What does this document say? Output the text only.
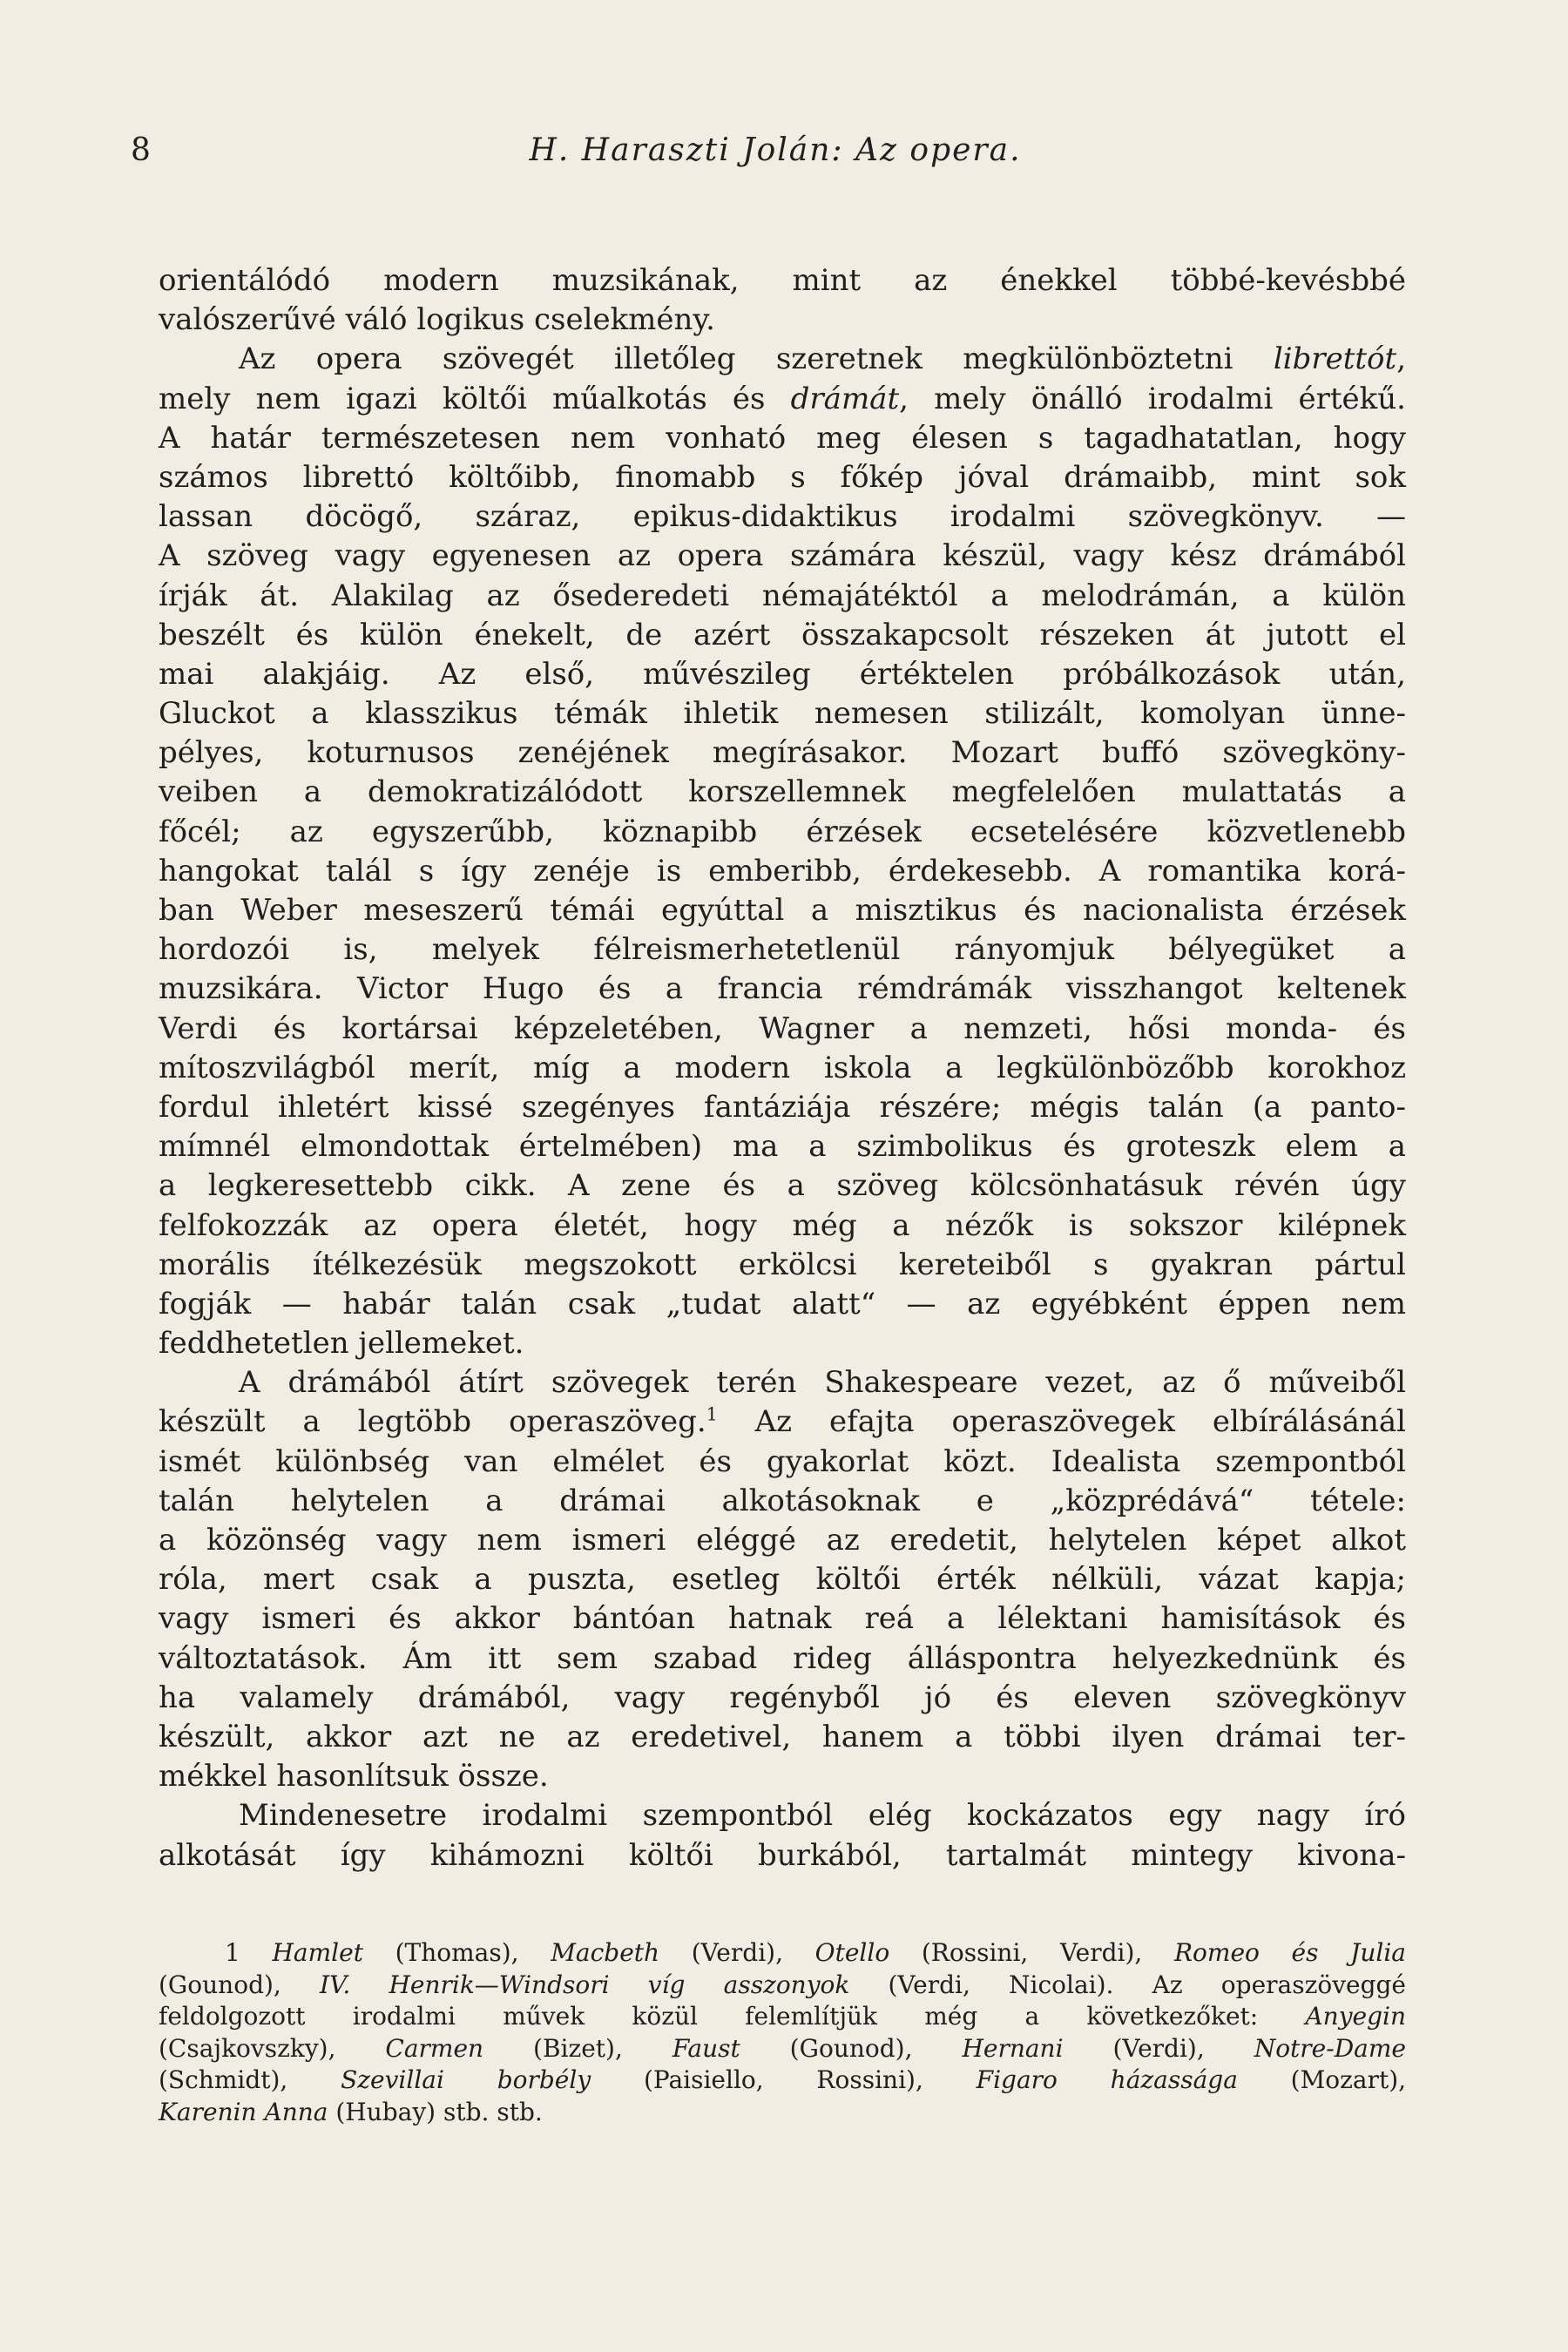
8	H. Haraszti Jolán: Az opera.
orientálódó modern muzsikának, mint az énekkel többé-kevésbbé
valószerűvé váló logikus cselekmény.
Az opera szövegét illetőleg szeretnek megkülönböztetni librettót,
mely nem igazi költői műalkotás és drámát, mely önálló irodalmi értékű.
A határ természetesen nem vonható meg élesen s tagadhatatlan, hogy
számos librettó költőibb, finomabb s főkép jóval drámaibb, mint sok
lassan döcögő, száraz, epikus-didaktikus irodalmi szövegkönyv. —
A szöveg vagy egyenesen az opera számára készül, vagy kész drámából
írják át. Alakilag az ősederedeti némajátéktól a melodrámán, a külön
beszélt és külön énekelt, de azért összakapcsolt részeken át jutott el
mai alakjáig. Az első, művészileg értéktelen próbálkozások után,
Gluckot a klasszikus témák ihletik nemesen stilizált, komolyan ünne-
pélyes, koturnusos zenéjének megírásakor. Mozart buffó szövegköny-
veiben a demokratizálódott korszellemnek megfelelően mulattatás a
főcél; az egyszerűbb, köznapibb érzések ecsetelésére közvetlenebb
hangokat talál s így zenéje is emberibb, érdekesebb. A romantika korá-
ban Weber meseszerű témái egyúttal a misztikus és nacionalista érzések
hordozói is, melyek félreismerhetetlenül rányomjuk bélyegüket a
muzsikára. Victor Hugo és a francia rémdrámák visszhangot keltenek
Verdi és kortársai képzeletében, Wagner a nemzeti, hősi monda- és
mítoszvilágból merít, míg a modern iskola a legkülönbözőbb korokhoz
fordul ihletért kissé szegényes fantáziája részére; mégis talán (a panto-
mímnél elmondottak értelmében) ma a szimbolikus és groteszk elem a
a legkeresettebb cikk. A zene és a szöveg kölcsönhatásuk révén úgy
felfokozzák az opera életét, hogy még a nézők is sokszor kilépnek
morális ítélkezésük megszokott erkölcsi kereteiből s gyakran pártul
fogják — habár talán csak „tudat alatt“ — az egyébként éppen nem
feddhetetlen jellemeket.
A drámából átírt szövegek terén Shakespeare vezet, az ő műveiből
készült a legtöbb operaszöveg.$^1$ Az efajta operaszövegek elbírálásánál
ismét különbség van elmélet és gyakorlat közt. Idealista szempontból
talán helytelen a drámai alkotásoknak e „közprédává“ tétele:
a közönség vagy nem ismeri eléggé az eredetit, helytelen képet alkot
róla, mert csak a puszta, esetleg költői érték nélküli, vázat kapja;
vagy ismeri és akkor bántóan hatnak reá a lélektani hamisítások és
változtatások. Ám itt sem szabad rideg álláspontra helyezkednünk és
ha valamely drámából, vagy regényből jó és eleven szövegkönyv
készült, akkor azt ne az eredetivel, hanem a többi ilyen drámai ter-
mékkel hasonlítsuk össze.
Mindenesetre irodalmi szempontból elég kockázatos egy nagy író
alkotását így kihámozni költői burkából, tartalmát mintegy kivona-
1 Hamlet (Thomas), Macbeth (Verdi), Otello (Rossini, Verdi), Romeo és Julia
(Gounod), IV. Henrik—Windsori víg asszonyok (Verdi, Nicolai). Az operaszöveggé
feldolgozott irodalmi művek közül felemlítjük még a következőket: Anyegin
(Csajkovszky), Carmen (Bizet), Faust (Gounod), Hernani (Verdi), Notre-Dame
(Schmidt), Szevillai borbély (Paisiello, Rossini), Figaro házassága (Mozart),
Karenin Anna (Hubay) stb. stb.
